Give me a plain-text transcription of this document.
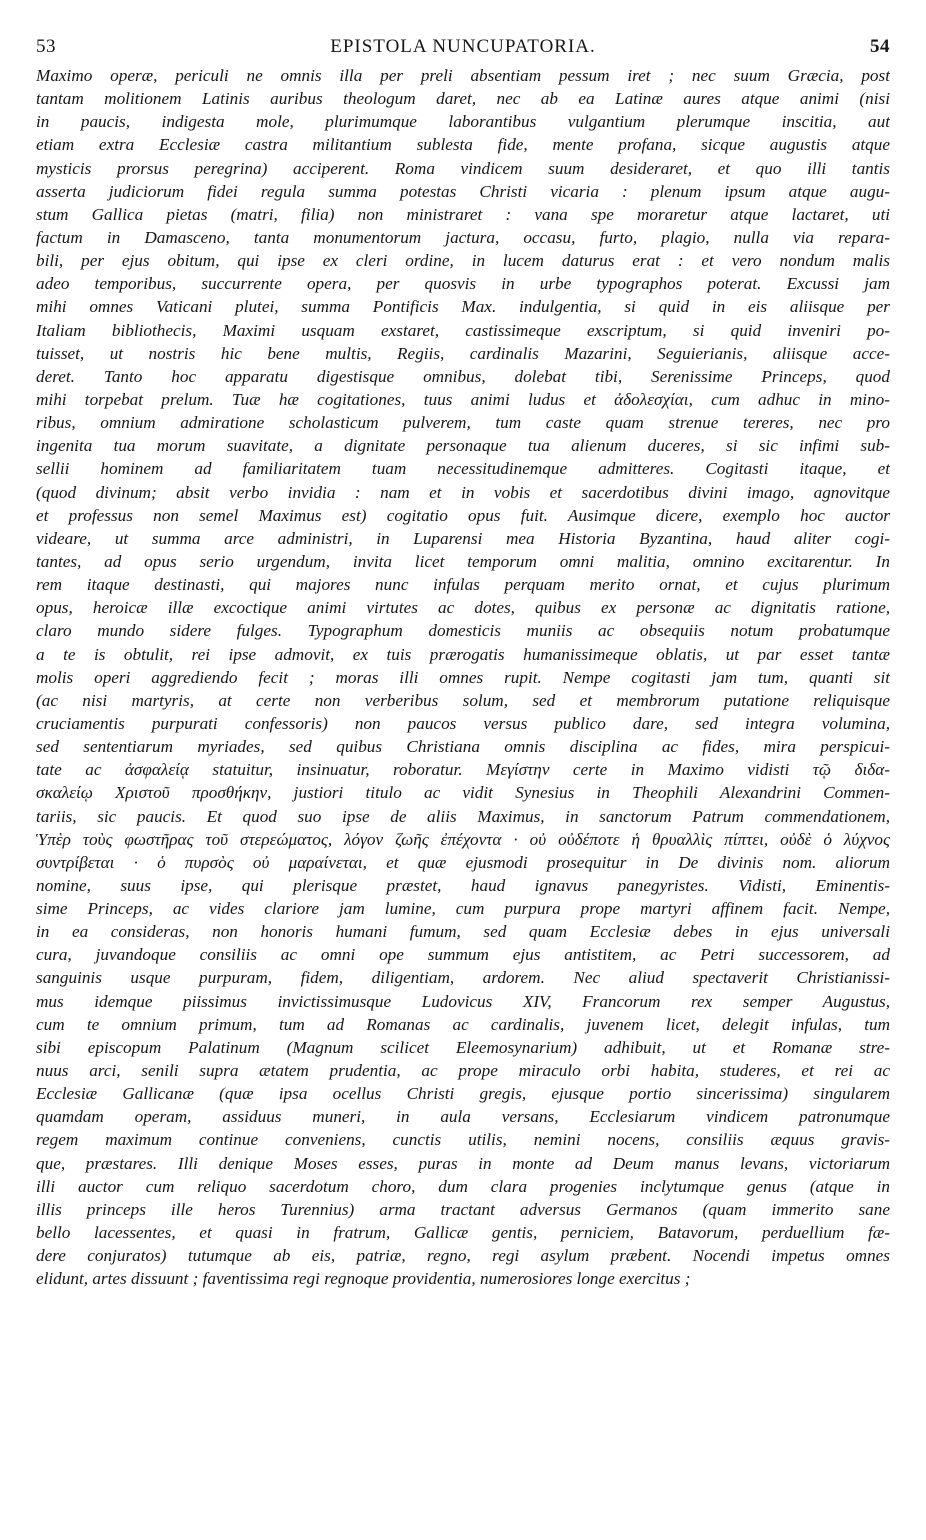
53	EPISTOLA NUNCUPATORIA.	54
Maximo operæ, periculi ne omnis illa per preli absentiam pessum iret ; nec suum Græcia, post
tantam molitionem Latinis auribus theologum daret, nec ab ea Latinæ aures atque animi (nisi
in paucis, indigesta mole, plurimumque laborantibus vulgantium plerumque inscitia, aut
etiam extra Ecclesiæ castra militantium sublesta fide, mente profana, sicque augustis atque
mysticis prorsus peregrina) acciperent. Roma vindicem suum desideraret, et quo illi tantis
asserta judiciorum fidei regula summa potestas Christi vicaria : plenum ipsum atque augu-
stum Gallica pietas (matri, filia) non ministraret : vana spe moraretur atque lactaret, uti
factum in Damasceno, tanta monumentorum jactura, occasu, furto, plagio, nulla via repara-
bili, per ejus obitum, qui ipse ex cleri ordine, in lucem daturus erat : et vero nondum malis
adeo temporibus, succurrente opera, per quosvis in urbe typographos poterat. Excussi jam
mihi omnes Vaticani plutei, summa Pontificis Max. indulgentia, si quid in eis aliisque per
Italiam bibliothecis, Maximi usquam exstaret, castissimeque exscriptum, si quid inveniri po-
tuisset, ut nostris hic bene multis, Regiis, cardinalis Mazarini, Seguierianis, aliisque acce-
deret. Tanto hoc apparatu digestisque omnibus, dolebat tibi, Serenissime Princeps, quod
mihi torpebat prelum. Tuæ hæ cogitationes, tuus animi ludus et ἀδολεσχίαι, cum adhuc in mino-
ribus, omnium admiratione scholasticum pulverem, tum caste quam strenue tereres, nec pro
ingenita tua morum suavitate, a dignitate personaque tua alienum duceres, si sic infimi sub-
sellii hominem ad familiaritatem tuam necessitudinemque admitteres. Cogitasti itaque, et
(quod divinum; absit verbo invidia : nam et in vobis et sacerdotibus divini imago, agnovitque
et professus non semel Maximus est) cogitatio opus fuit. Ausimque dicere, exemplo hoc auctor
videare, ut summa arce administri, in Luparensi mea Historia Byzantina, haud aliter cogi-
tantes, ad opus serio urgendum, invita licet temporum omni malitia, omnino excitarentur. In
rem itaque destinasti, qui majores nunc infulas perquam merito ornat, et cujus plurimum
opus, heroicæ illæ excoctique animi virtutes ac dotes, quibus ex personæ ac dignitatis ratione,
claro mundo sidere fulges. Typographum domesticis muniis ac obsequiis notum probatumque
a te is obtulit, rei ipse admovit, ex tuis prærogatis humanissimeque oblatis, ut par esset tantæ
molis operi aggrediendo fecit ; moras illi omnes rupit. Nempe cogitasti jam tum, quanti sit
(ac nisi martyris, at certe non verberibus solum, sed et membrorum putatione reliquisque
cruciamentis purpurati confessoris) non paucos versus publico dare, sed integra volumina,
sed sententiarum myriades, sed quibus Christiana omnis disciplina ac fides, mira perspicui-
tate ac ἀσφαλείᾳ statuitur, insinuatur, roboratur. Μεγίστην certe in Maximo vidisti τῷ διδα-
σκαλείῳ Χριστοῦ προσθήκην, justiori titulo ac vidit Synesius in Theophili Alexandrini Commen-
tariis, sic paucis. Et quod suo ipse de aliis Maximus, in sanctorum Patrum commendationem,
Ὑπὲρ τοὺς φωστῆρας τοῦ στερεώματος, λόγον ζωῆς ἐπέχοντα · οὐ οὐδέποτε ἡ θρυαλλὶς πίπτει, οὐδὲ ὁ λύχνος
συντρίβεται · ὁ πυρσὸς οὐ μαραίνεται, et quæ ejusmodi prosequitur in De divinis nom. aliorum
nomine, suus ipse, qui plerisque præstet, haud ignavus panegyristes. Vidisti, Eminentis-
sime Princeps, ac vides clariore jam lumine, cum purpura prope martyri affinem facit. Nempe,
in ea consideras, non honoris humani fumum, sed quam Ecclesiæ debes in ejus universali
cura, juvandoque consiliis ac omni ope summum ejus antistitem, ac Petri successorem, ad
sanguinis usque purpuram, fidem, diligentiam, ardorem. Nec aliud spectaverit Christianissi-
mus idemque piissimus invictissimusque Ludovicus XIV, Francorum rex semper Augustus,
cum te omnium primum, tum ad Romanas ac cardinalis, juvenem licet, delegit infulas, tum
sibi episcopum Palatinum (Magnum scilicet Eleemosynarium) adhibuit, ut et Romanæ stre-
nuus arci, senili supra ætatem prudentia, ac prope miraculo orbi habita, studeres, et rei ac
Ecclesiæ Gallicanæ (quæ ipsa ocellus Christi gregis, ejusque portio sincerissima) singularem
quamdam operam, assiduus muneri, in aula versans, Ecclesiarum vindicem patronumque
regem maximum continue conveniens, cunctis utilis, nemini nocens, consiliis æquus gravis-
que, præstares. Illi denique Moses esses, puras in monte ad Deum manus levans, victoriarum
illi auctor cum reliquo sacerdotum choro, dum clara progenies inclytumque genus (atque in
illis princeps ille heros Turennius) arma tractant adversus Germanos (quam immerito sane
bello lacessentes, et quasi in fratrum, Gallicæ gentis, perniciem, Batavorum, perduellium fæ-
dere conjuratos) tutumque ab eis, patriæ, regno, regi asylum præbent. Nocendi impetus omnes
elidunt, artes dissuunt ; faventissima regi regnoque providentia, numerosiores longe exercitus ;
